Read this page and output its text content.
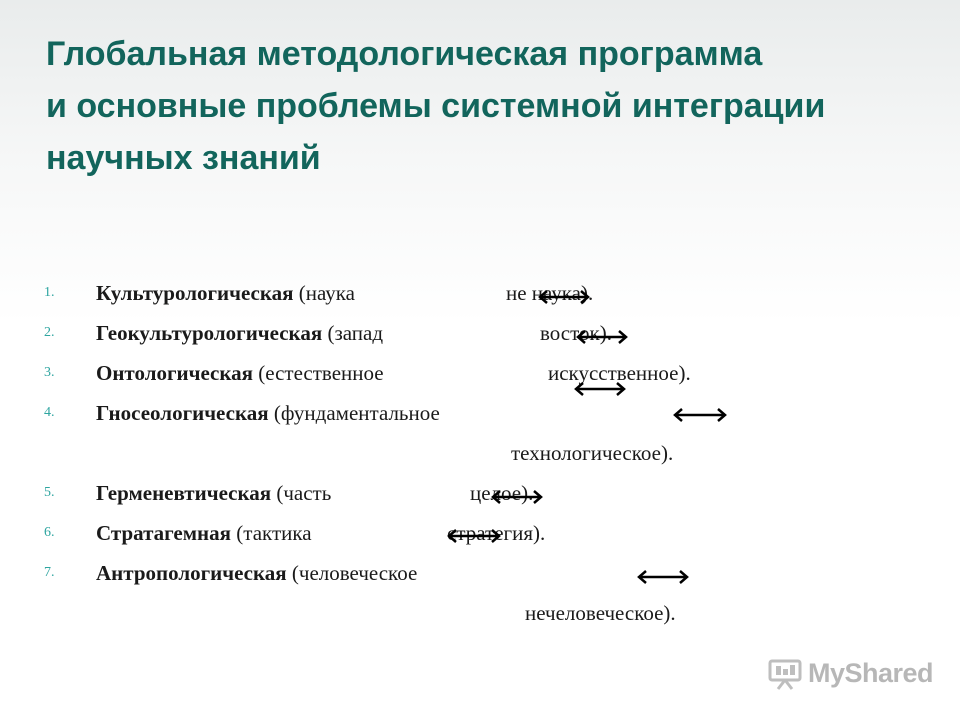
Глобальная методологическая программа
и основные проблемы системной интеграции
научных знаний
1. Культурологическая (наука	не наука).
2. Геокультурологическая (запад	восток).
3. Онтологическая (естественное	искусственное).
4. Гносеологическая (фундаментальное
технологическое).
5. Герменевтическая (часть	целое).
6. Стратагемная (тактика	стратегия).
7. Антропологическая (человеческое
нечеловеческое).
MyShared
